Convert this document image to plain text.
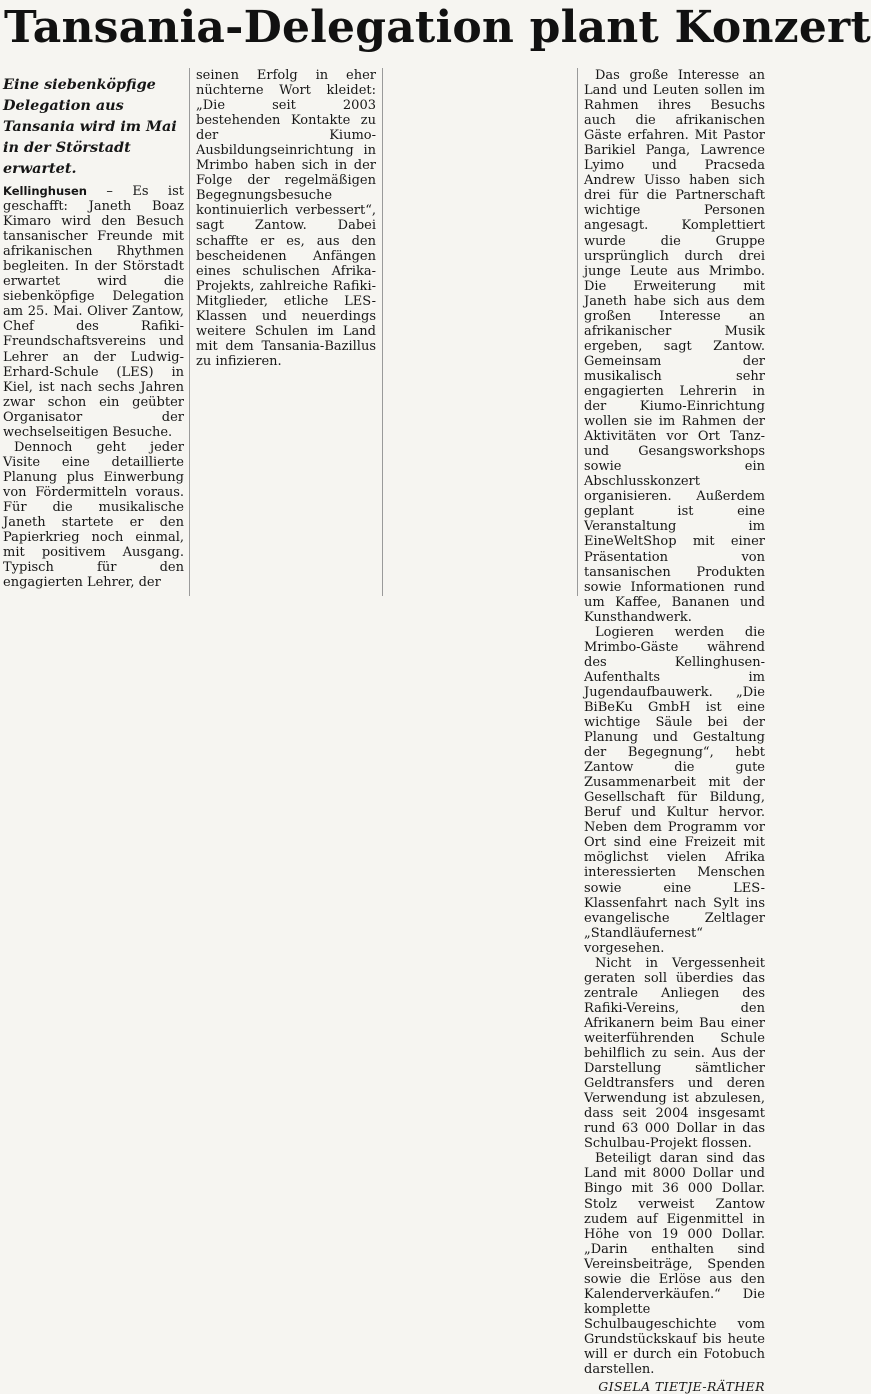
Tansania-Delegation plant Konzert
Eine siebenköpfige Delegation aus Tansania wird im Mai in der Störstadt erwartet.

Kellinghusen – Es ist geschafft: Janeth Boaz Kimaro wird den Besuch tansanischer Freunde mit afrikanischen Rhythmen begleiten. In der Störstadt erwartet wird die siebenköpfige Delegation am 25. Mai. Oliver Zantow, Chef des Rafiki-Freundschaftsvereins und Lehrer an der Ludwig-Erhard-Schule (LES) in Kiel, ist nach sechs Jahren zwar schon ein geübter Organisator der wechselseitigen Besuche.

Dennoch geht jeder Visite eine detaillierte Planung plus Einwerbung von Fördermitteln voraus. Für die musikalische Janeth startete er den Papierkrieg noch einmal, mit positivem Ausgang. Typisch für den engagierten Lehrer, der

seinen Erfolg in eher nüchterne Wort kleidet: „Die seit 2003 bestehenden Kontakte zu der Kiumo-Ausbildungseinrichtung in Mrimbo haben sich in der Folge der regelmäßigen Begegnungsbesuche kontinuierlich verbessert“, sagt Zantow. Dabei schaffte er es, aus den bescheidenen Anfängen eines schulischen Afrika-Projekts, zahlreiche Rafiki-Mitglieder, etliche LES-Klassen und neuerdings weitere Schulen im Land mit dem Tansania-Bazillus zu infizieren.

Das große Interesse an Land und Leuten sollen im Rahmen ihres Besuchs auch die afrikanischen Gäste erfahren. Mit Pastor Barikiel Panga, Lawrence Lyimo und Pracseda Andrew Uisso haben sich drei für die Partnerschaft wichtige Personen angesagt. Komplettiert wurde die Gruppe ursprünglich durch drei junge Leute aus Mrimbo. Die Erweiterung mit Janeth habe sich aus dem großen Interesse an afrikanischer Musik ergeben, sagt Zantow. Gemeinsam der musikalisch sehr engagierten Lehrerin in der Kiumo-Einrichtung wollen sie im Rahmen der Aktivitäten vor Ort Tanz- und Gesangsworkshops sowie ein Abschlusskonzert organisieren. Außerdem geplant ist eine Veranstaltung im EineWeltShop mit einer Präsentation von tansanischen Produkten sowie Informationen rund um Kaffee, Bananen und Kunsthandwerk.

Logieren werden die Mrimbo-Gäste während des Kellinghusen-Aufenthalts im Jugendaufbauwerk. „Die BiBeKu GmbH ist eine wichtige Säule bei der Planung und Gestaltung der Begegnung“, hebt Zantow die gute Zusammenarbeit mit der Gesellschaft für Bildung, Beruf und Kultur hervor. Neben dem Programm vor Ort sind eine Freizeit mit möglichst vielen Afrika interessierten Menschen sowie eine LES-Klassenfahrt nach Sylt ins evangelische Zeltlager „Standläufernest“ vorgesehen.

Nicht in Vergessenheit geraten soll überdies das zentrale Anliegen des Rafiki-Vereins, den Afrikanern beim Bau einer weiterführenden Schule behilflich zu sein. Aus der Darstellung sämtlicher Geldtransfers und deren Verwendung ist abzulesen, dass seit 2004 insgesamt rund 63 000 Dollar in das Schulbau-Projekt flossen.

Beteiligt daran sind das Land mit 8000 Dollar und Bingo mit 36 000 Dollar. Stolz verweist Zantow zudem auf Eigenmittel in Höhe von 19 000 Dollar. „Darin enthalten sind Vereinsbeiträge, Spenden sowie die Erlöse aus den Kalenderverkäufen.“ Die komplette Schulbaugeschichte vom Grundstückskauf bis heute will er durch ein Fotobuch darstellen.

GISELA TIETJE-RÄTHER
